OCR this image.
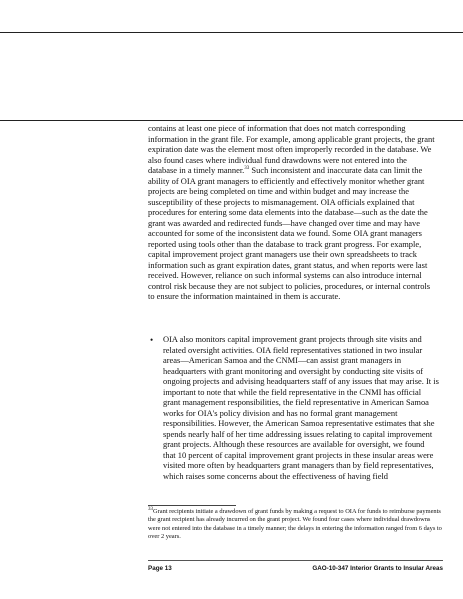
contains at least one piece of information that does not match corresponding information in the grant file. For example, among applicable grant projects, the grant expiration date was the element most often improperly recorded in the database. We also found cases where individual fund drawdowns were not entered into the database in a timely manner.$^{33}$ Such inconsistent and inaccurate data can limit the ability of OIA grant managers to efficiently and effectively monitor whether grant projects are being completed on time and within budget and may increase the susceptibility of these projects to mismanagement. OIA officials explained that procedures for entering some data elements into the database—such as the date the grant was awarded and redirected funds—have changed over time and may have accounted for some of the inconsistent data we found. Some OIA grant managers reported using tools other than the database to track grant progress. For example, capital improvement project grant managers use their own spreadsheets to track information such as grant expiration dates, grant status, and when reports were last received. However, reliance on such informal systems can also introduce internal control risk because they are not subject to policies, procedures, or internal controls to ensure the information maintained in them is accurate.

• OIA also monitors capital improvement grant projects through site visits and related oversight activities. OIA field representatives stationed in two insular areas—American Samoa and the CNMI—can assist grant managers in headquarters with grant monitoring and oversight by conducting site visits of ongoing projects and advising headquarters staff of any issues that may arise. It is important to note that while the field representative in the CNMI has official grant management responsibilities, the field representative in American Samoa works for OIA's policy division and has no formal grant management responsibilities. However, the American Samoa representative estimates that she spends nearly half of her time addressing issues relating to capital improvement grant projects. Although these resources are available for oversight, we found that 10 percent of capital improvement grant projects in these insular areas were visited more often by headquarters grant managers than by field representatives, which raises some concerns about the effectiveness of having field

$^{33}$Grant recipients initiate a drawdown of grant funds by making a request to OIA for funds to reimburse payments the grant recipient has already incurred on the grant project. We found four cases where individual drawdowns were not entered into the database in a timely manner; the delays in entering the information ranged from 6 days to over 2 years.

Page 13	GAO-10-347 Interior Grants to Insular Areas
